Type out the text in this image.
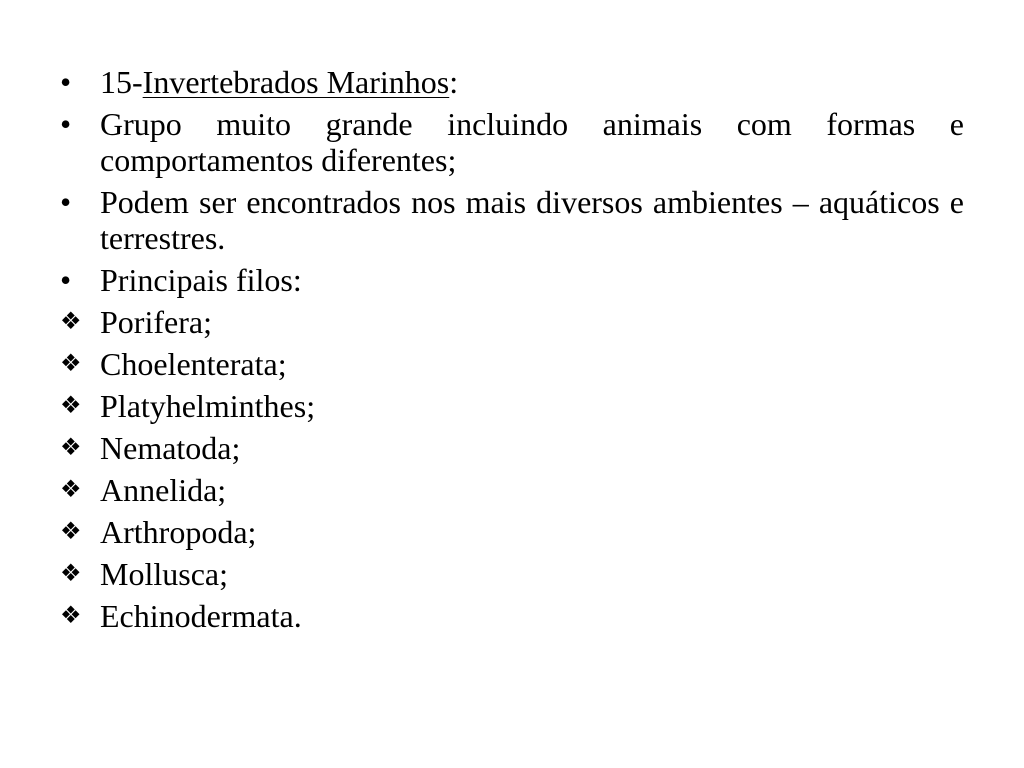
• 15-Invertebrados Marinhos:
• Grupo muito grande incluindo animais com formas e comportamentos diferentes;
• Podem ser encontrados nos mais diversos ambientes – aquáticos e terrestres.
• Principais filos:
❖ Porifera;
❖ Choelenterata;
❖ Platyhelminthes;
❖ Nematoda;
❖ Annelida;
❖ Arthropoda;
❖ Mollusca;
❖ Echinodermata.
